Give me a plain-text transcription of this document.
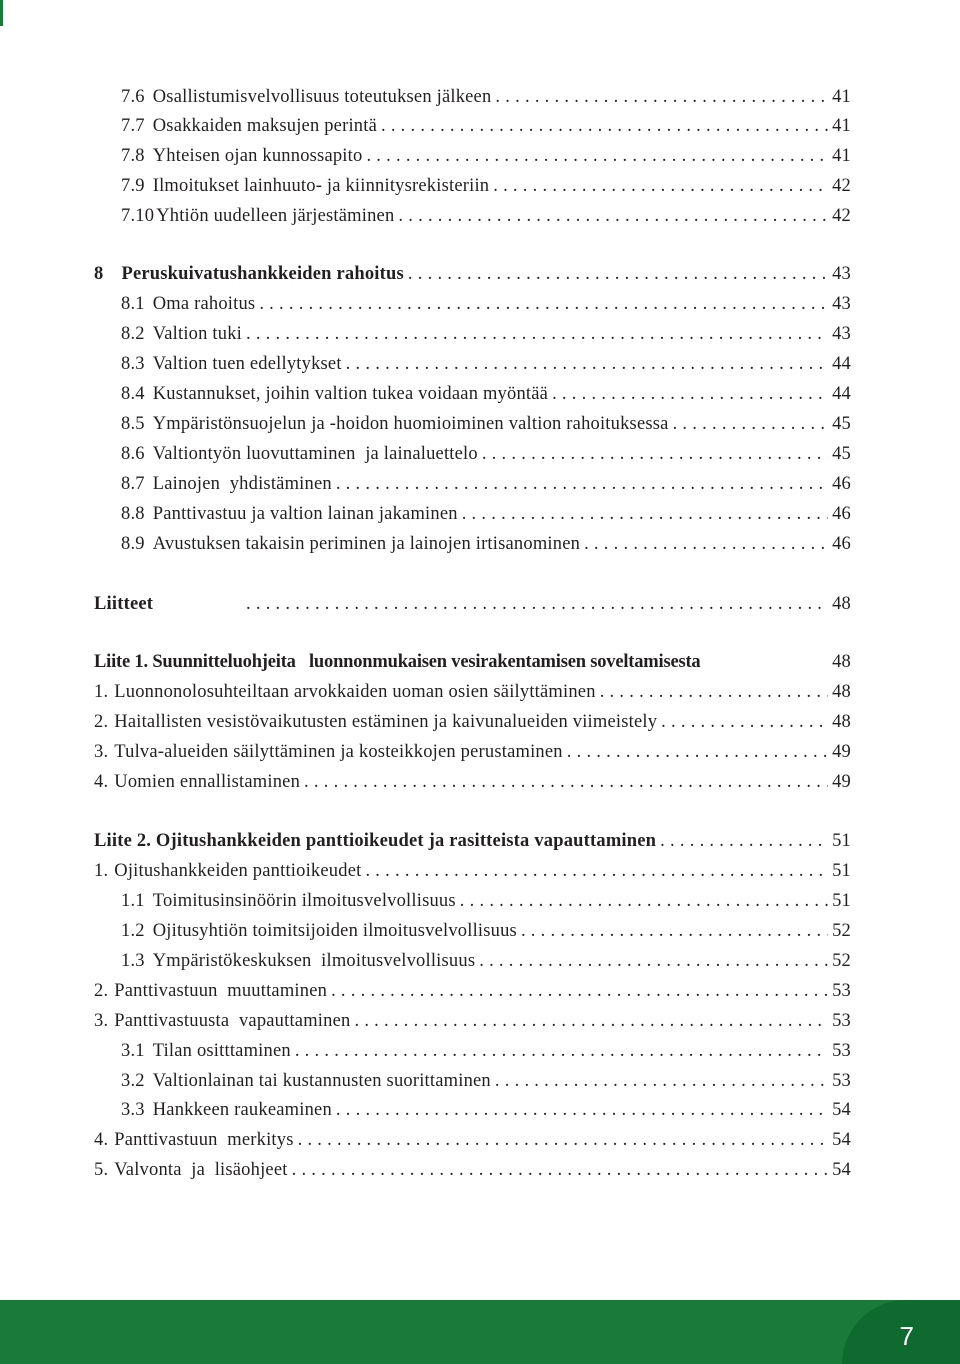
7.6 Osallistumisvelvollisuus toteutuksen jälkeen . . .	41
7.7 Osakkaiden maksujen perintä . . .	41
7.8 Yhteisen ojan kunnossapito . . .	41
7.9 Ilmoitukset lainhuuto- ja kiinnitysrekisteriin . . .	42
7.10 Yhtiön uudelleen järjestäminen . . .	42
8 Peruskuivatushankkeiden rahoitus . . .	43
8.1 Oma rahoitus . . .	43
8.2 Valtion tuki . . .	43
8.3 Valtion tuen edellytykset . . .	44
8.4 Kustannukset, joihin valtion tukea voidaan myöntää . . .	44
8.5 Ympäristönsuojelun ja -hoidon huomioiminen valtion rahoituksessa . . .	45
8.6 Valtiontyön luovuttaminen  ja lainaluettelo . . .	45
8.7 Lainojen  yhdistäminen . . .	46
8.8 Panttivastuu ja valtion lainan jakaminen . . .	46
8.9 Avustuksen takaisin periminen ja lainojen irtisanominen . . .	46
Liitteet . . .	48
Liite 1. Suunnitteluohjeita   luonnonmukaisen vesirakentamisen soveltamisesta	48
1. Luonnonolosuhteiltaan arvokkaiden uoman osien säilyttäminen . . .	48
2. Haitallisten vesistövaikutusten estäminen ja kaivunalueiden viimeistely . . .	48
3. Tulva-alueiden säilyttäminen ja kosteikkojen perustaminen . . .	49
4. Uomien ennallistaminen . . .	49
Liite 2. Ojitushankkeiden panttioikeudet ja rasitteista vapauttaminen . . .	51
1. Ojitushankkeiden panttioikeudet . . .	51
1.1 Toimitusinsinöörin ilmoitusvelvollisuus . . .	51
1.2 Ojitusyhtiön toimitsijoiden ilmoitusvelvollisuus . . .	52
1.3 Ympäristökeskuksen  ilmoitusvelvollisuus . . .	52
2. Panttivastuun  muuttaminen . . .	53
3. Panttivastuusta  vapauttaminen . . .	53
3.1 Tilan ositttaminen . . .	53
3.2 Valtionlainan tai kustannusten suorittaminen . . .	53
3.3 Hankkeen raukeaminen . . .	54
4. Panttivastuun  merkitys . . .	54
5. Valvonta  ja  lisäohjeet . . .	54
7
